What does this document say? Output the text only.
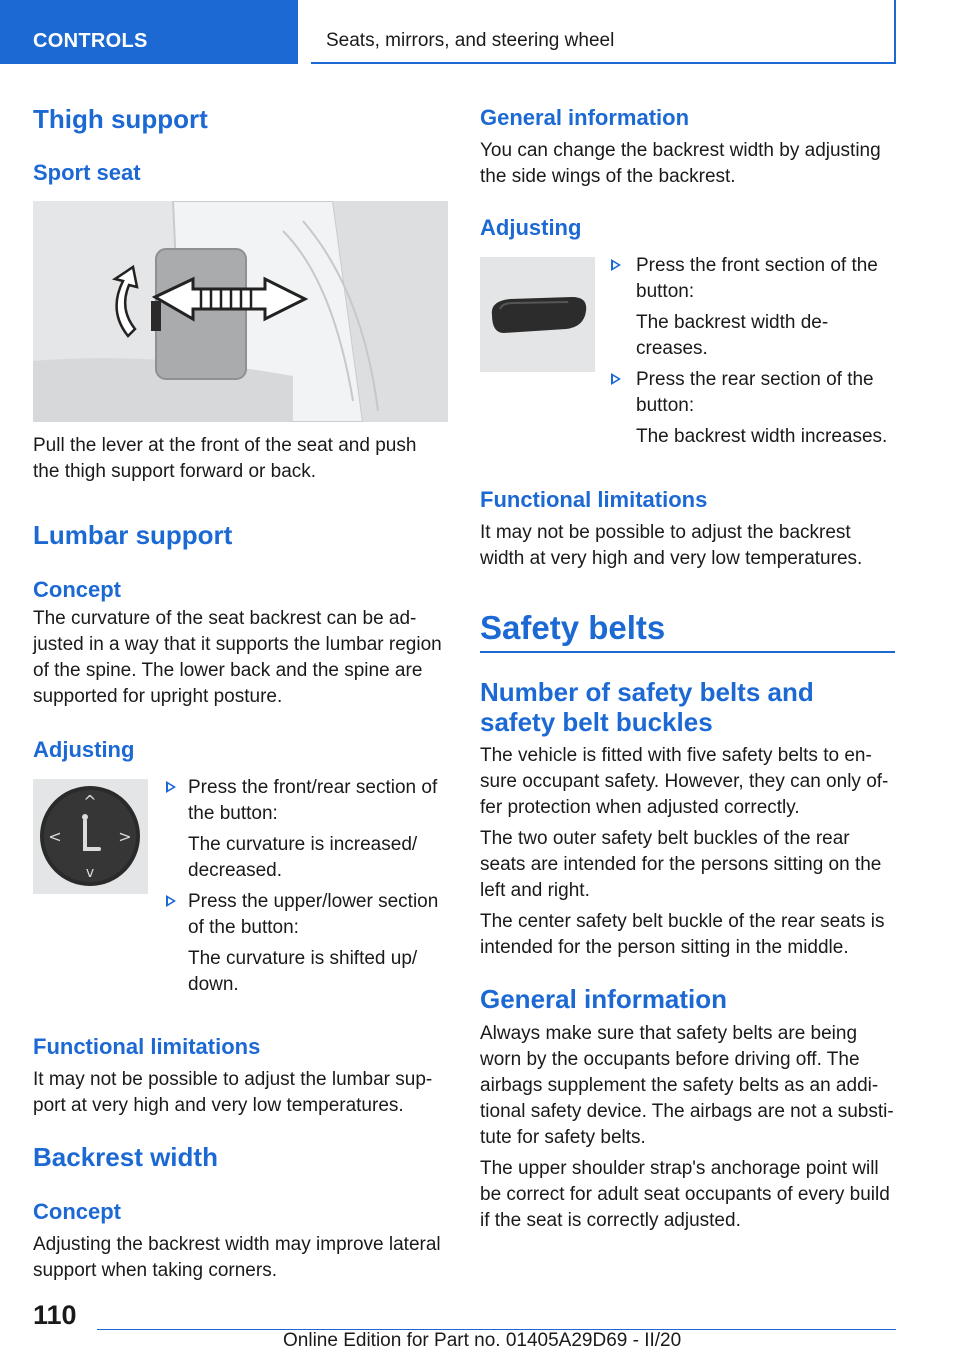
CONTROLS	Seats, mirrors, and steering wheel
Thigh support
Sport seat

Pull the lever at the front of the seat and push

the thigh support forward or back.

Lumbar support
Concept

The curvature of the seat backrest can be ad-

justed in a way that it supports the lumbar region

of the spine. The lower back and the spine are

supported for upright posture.

Adjusting
^
v
<	>

Press the front/rear section of

the button:

The curvature is increased/

decreased.

Press the upper/lower section

of the button:

The curvature is shifted up/

down.

Functional limitations

It may not be possible to adjust the lumbar sup-

port at very high and very low temperatures.

Backrest width
Concept

Adjusting the backrest width may improve lateral

support when taking corners.

General information

You can change the backrest width by adjusting

the side wings of the backrest.

Adjusting

Press the front section of the

button:

The backrest width de-

creases.

Press the rear section of the

button:

The backrest width increases.

Functional limitations

It may not be possible to adjust the backrest

width at very high and very low temperatures.

Safety belts
Number of safety belts and
safety belt buckles

The vehicle is fitted with five safety belts to en-

sure occupant safety. However, they can only of-

fer protection when adjusted correctly.

The two outer safety belt buckles of the rear

seats are intended for the persons sitting on the

left and right.

The center safety belt buckle of the rear seats is

intended for the person sitting in the middle.

General information

Always make sure that safety belts are being

worn by the occupants before driving off. The

airbags supplement the safety belts as an addi-

tional safety device. The airbags are not a substi-

tute for safety belts.

The upper shoulder strap's anchorage point will

be correct for adult seat occupants of every build

if the seat is correctly adjusted.

110
Online Edition for Part no. 01405A29D69 - II/20
